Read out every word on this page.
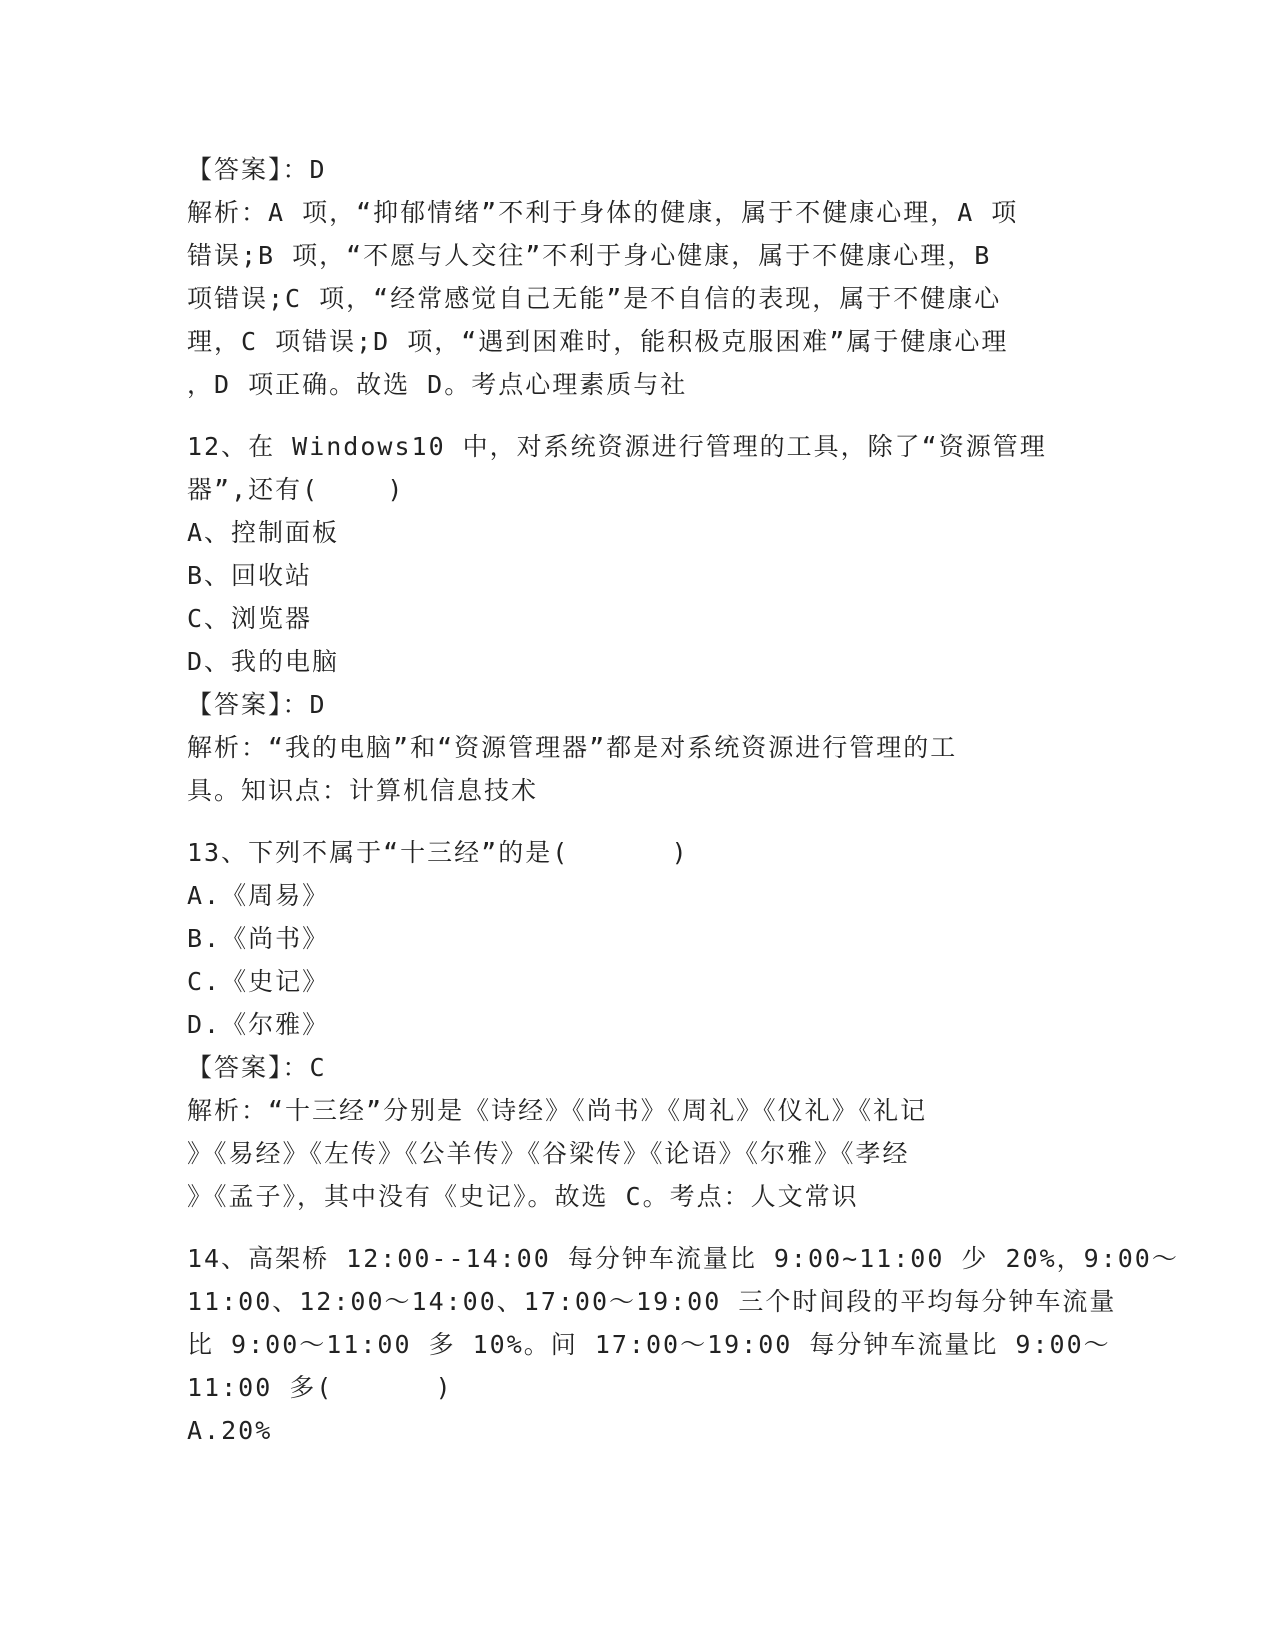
【答案】：D
解析：A 项，“抑郁情绪”不利于身体的健康，属于不健康心理，A 项
错误;B 项，“不愿与人交往”不利于身心健康，属于不健康心理，B
项错误;C 项，“经常感觉自己无能”是不自信的表现，属于不健康心
理，C 项错误;D 项，“遇到困难时，能积极克服困难”属于健康心理
，D 项正确。故选 D。考点心理素质与社
12、在 Windows10 中，对系统资源进行管理的工具，除了“资源管理
器”,还有(    )
A、控制面板
B、回收站
C、浏览器
D、我的电脑
【答案】：D
解析：“我的电脑”和“资源管理器”都是对系统资源进行管理的工
具。知识点：计算机信息技术
13、下列不属于“十三经”的是(      )
A.《周易》
B.《尚书》
C.《史记》
D.《尔雅》
【答案】：C
解析：“十三经”分别是《诗经》《尚书》《周礼》《仪礼》《礼记
》《易经》《左传》《公羊传》《谷梁传》《论语》《尔雅》《孝经
》《孟子》，其中没有《史记》。故选 C。考点：人文常识
14、高架桥 12:00--14:00 每分钟车流量比 9:00~11:00 少 20%，9:00～
11:00、12:00～14:00、17:00～19:00 三个时间段的平均每分钟车流量
比 9:00～11:00 多 10%。问 17:00～19:00 每分钟车流量比 9:00～
11:00 多(      )
A.20%
